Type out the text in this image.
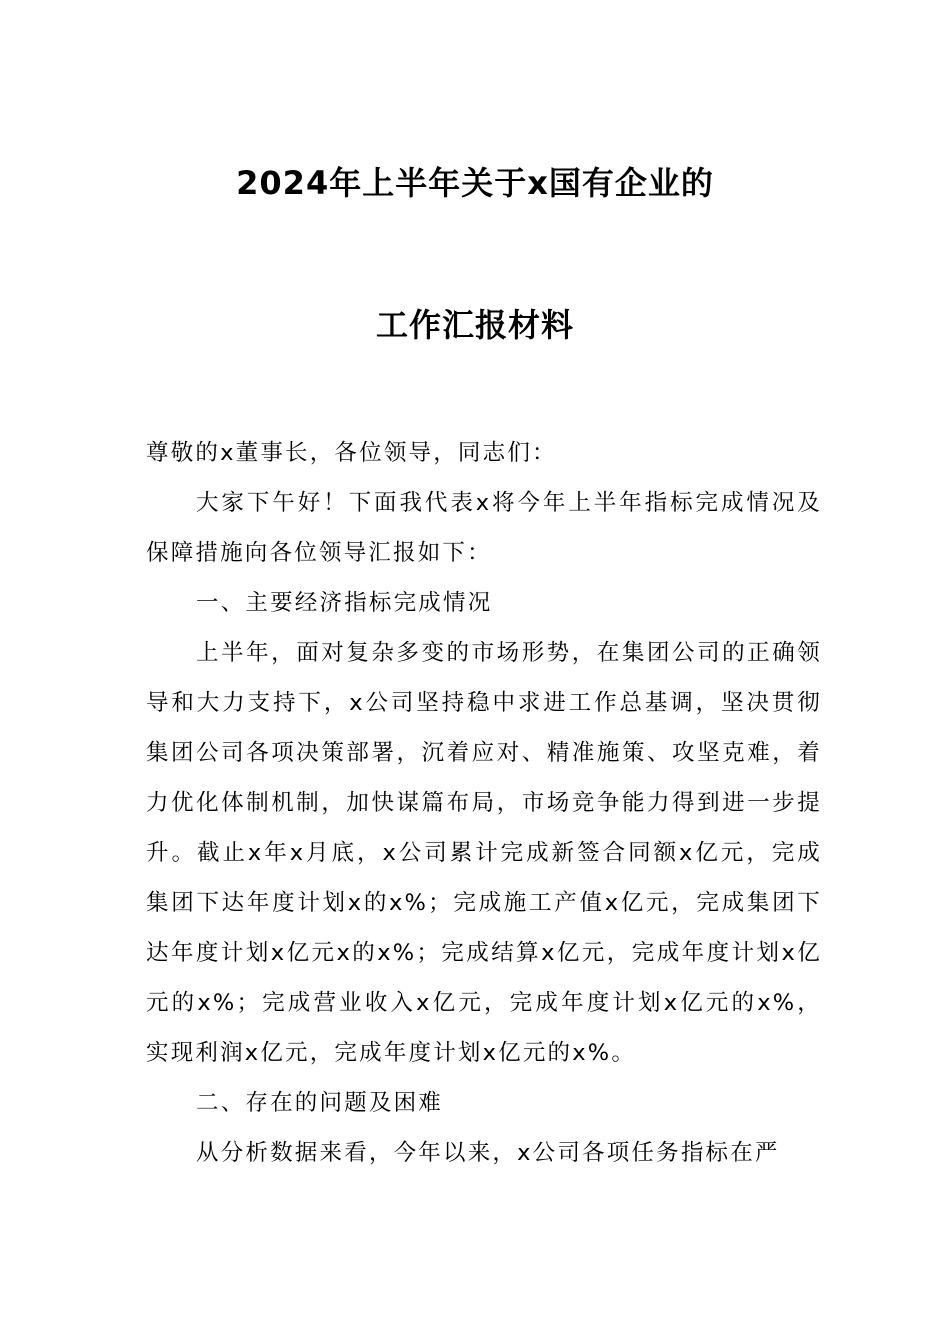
2024年上半年关于x国有企业的
工作汇报材料

尊敬的x董事长，各位领导，同志们：

大家下午好！下面我代表x将今年上半年指标完成情况及保障措施向各位领导汇报如下：

一、主要经济指标完成情况

上半年，面对复杂多变的市场形势，在集团公司的正确领导和大力支持下，x公司坚持稳中求进工作总基调，坚决贯彻集团公司各项决策部署，沉着应对、精准施策、攻坚克难，着力优化体制机制，加快谋篇布局，市场竞争能力得到进一步提升。截止x年x月底，x公司累计完成新签合同额x亿元，完成集团下达年度计划x的x%；完成施工产值x亿元，完成集团下达年度计划x亿元x的x%；完成结算x亿元，完成年度计划x亿元的x%；完成营业收入x亿元，完成年度计划x亿元的x%，实现利润x亿元，完成年度计划x亿元的x%。

二、存在的问题及困难

从分析数据来看，今年以来，x公司各项任务指标在严
